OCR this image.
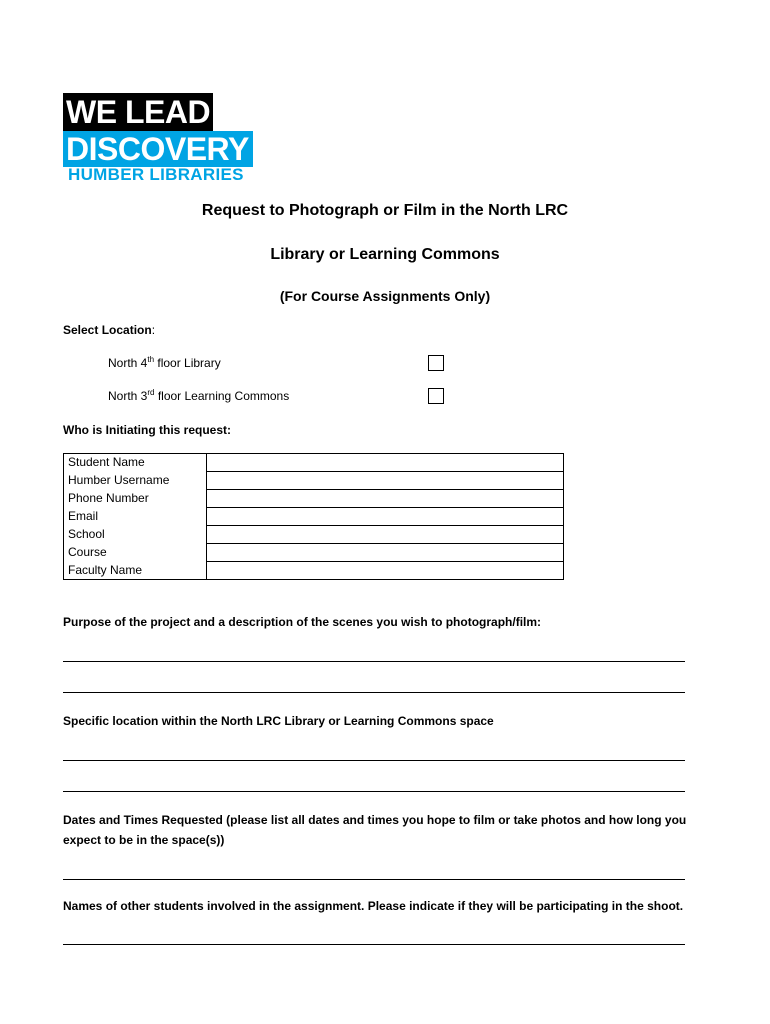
WE LEAD
DISCOVERY
HUMBER LIBRARIES
Request to Photograph or Film in the North LRC
Library or Learning Commons
(For Course Assignments Only)
Select Location:
North 4th floor Library
North 3rd floor Learning Commons
Who is Initiating this request:
Student Name	
Humber Username	
Phone Number	
Email	
School	
Course	
Faculty Name	
Purpose of the project and a description of the scenes you wish to photograph/film:
Specific location within the North LRC Library or Learning Commons space
Dates and Times Requested (please list all dates and times you hope to film or take photos and how long you
expect to be in the space(s))
Names of other students involved in the assignment. Please indicate if they will be participating in the shoot.
